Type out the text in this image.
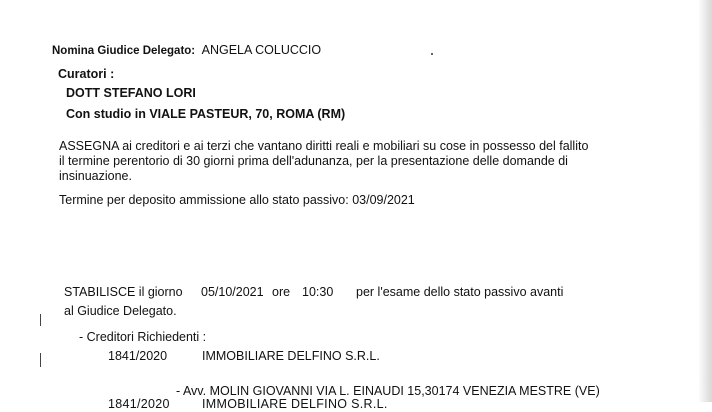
Nomina Giudice Delegato: ANGELA COLUCCIO
Curatori :
DOTT STEFANO LORI
Con studio in VIALE PASTEUR, 70, ROMA (RM)
ASSEGNA ai creditori e ai terzi che vantano diritti reali e mobiliari su cose in possesso del fallito
il termine perentorio di 30 giorni prima dell'adunanza, per la presentazione delle domande di
insinuazione.
Termine per deposito ammissione allo stato passivo: 03/09/2021
STABILISCE il giorno 05/10/2021 ore 10:30 per l'esame dello stato passivo avanti
al Giudice Delegato.
- Creditori Richiedenti :
1841/2020	IMMOBILIARE DELFINO S.R.L.
- Avv. MOLIN GIOVANNI VIA L. EINAUDI 15,30174 VENEZIA MESTRE (VE)
1841/2020	IMMOBILIARE DELFINO S.R.L.
